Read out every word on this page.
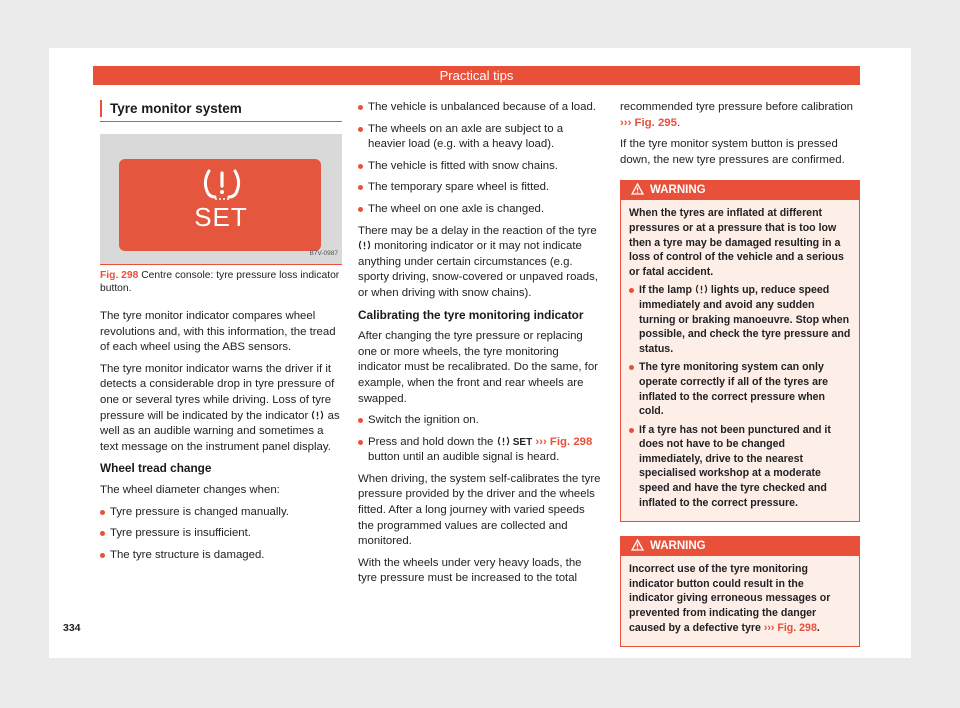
Practical tips
Tyre monitor system
SET
B7V-0987
Fig. 298 Centre console: tyre pressure loss indicator button.

The tyre monitor indicator compares wheel revolutions and, with this information, the tread of each wheel using the ABS sensors.

The tyre monitor indicator warns the driver if it detects a considerable drop in tyre pressure of one or several tyres while driving. Loss of tyre pressure will be indicated by the indicator as well as an audible warning and sometimes a text message on the instrument panel display.

Wheel tread change

The wheel diameter changes when:

Tyre pressure is changed manually.

Tyre pressure is insufficient.

The tyre structure is damaged.

The vehicle is unbalanced because of a load.

The wheels on an axle are subject to a heavier load (e.g. with a heavy load).

The vehicle is fitted with snow chains.

The temporary spare wheel is fitted.

The wheel on one axle is changed.

There may be a delay in the reaction of the tyre  monitoring indicator or it may not indicate anything under certain circumstances (e.g. sporty driving, snow-covered or unpaved roads, or when driving with snow chains).

Calibrating the tyre monitoring indicator

After changing the tyre pressure or replacing one or more wheels, the tyre monitoring indicator must be recalibrated. Do the same, for example, when the front and rear wheels are swapped.

Switch the ignition on.

Press and hold down the SET ››› Fig. 298 button until an audible signal is heard.

When driving, the system self-calibrates the tyre pressure provided by the driver and the wheels fitted. After a long journey with varied speeds the programmed values are collected and monitored.

With the wheels under very heavy loads, the tyre pressure must be increased to the total

recommended tyre pressure before calibration ››› Fig. 295.

If the tyre monitor system button is pressed down, the new tyre pressures are confirmed.

WARNING

When the tyres are inflated at different pressures or at a pressure that is too low then a tyre may be damaged resulting in a loss of control of the vehicle and a serious or fatal accident.

If the lamp lights up, reduce speed immediately and avoid any sudden turning or braking manoeuvre. Stop when possible, and check the tyre pressure and status.

The tyre monitoring system can only operate correctly if all of the tyres are inflated to the correct pressure when cold.

If a tyre has not been punctured and it does not have to be changed immediately, drive to the nearest specialised workshop at a moderate speed and have the tyre checked and inflated to the correct pressure.

WARNING

Incorrect use of the tyre monitoring indicator button could result in the indicator giving erroneous messages or prevented from indicating the danger caused by a defective tyre ››› Fig. 298.

334
